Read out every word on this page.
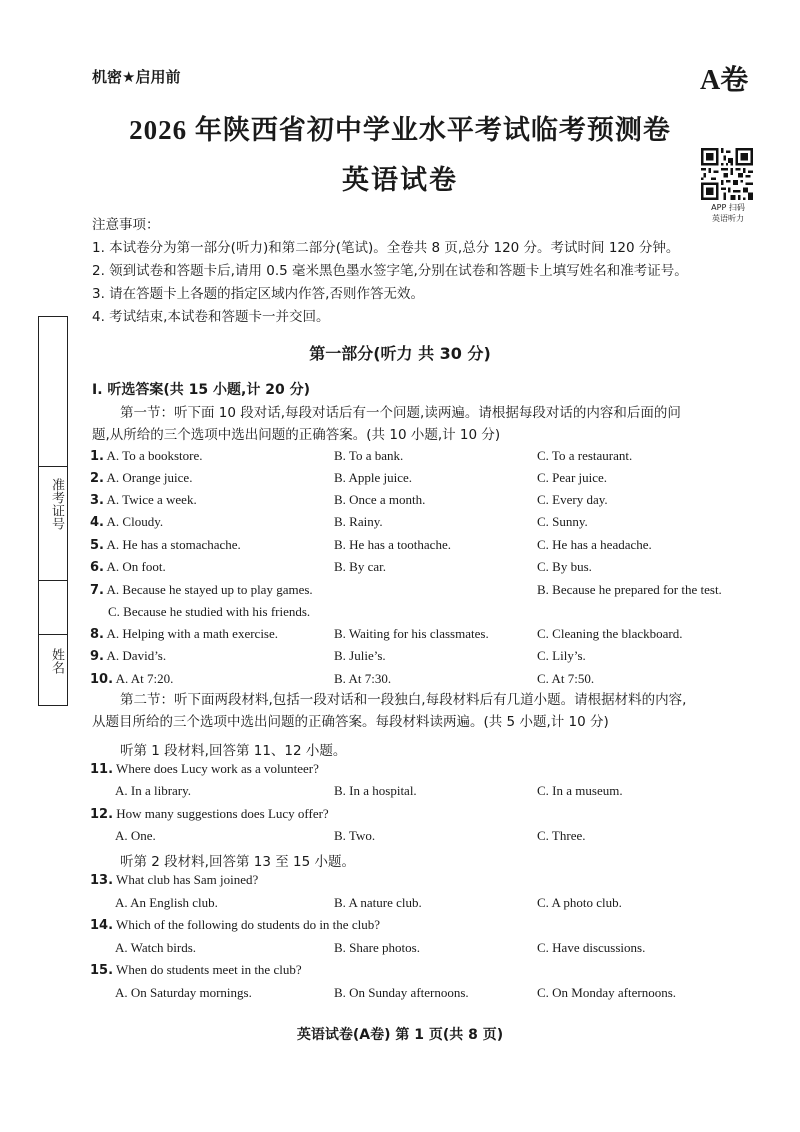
机密★启用前	A卷
2026 年陕西省初中学业水平考试临考预测卷
英语试卷
APP 扫码
英语听力
注意事项：
1. 本试卷分为第一部分(听力)和第二部分(笔试)。全卷共 8 页,总分 120 分。考试时间 120 分钟。
2. 领到试卷和答题卡后,请用 0.5 毫米黑色墨水签字笔,分别在试卷和答题卡上填写姓名和准考证号。
3. 请在答题卡上各题的指定区域内作答,否则作答无效。
4. 考试结束,本试卷和答题卡一并交回。
准考证号
姓名
第一部分(听力 共 30 分)
Ⅰ. 听选答案(共 15 小题,计 20 分)
第一节：听下面 10 段对话,每段对话后有一个问题,读两遍。请根据每段对话的内容和后面的问
题,从所给的三个选项中选出问题的正确答案。(共 10 小题,计 10 分)
1. A. To a bookstore.	B. To a bank.	C. To a restaurant.
2. A. Orange juice.	B. Apple juice.	C. Pear juice.
3. A. Twice a week.	B. Once a month.	C. Every day.
4. A. Cloudy.	B. Rainy.	C. Sunny.
5. A. He has a stomachache.	B. He has a toothache.	C. He has a headache.
6. A. On foot.	B. By car.	C. By bus.
7. A. Because he stayed up to play games.	B. Because he prepared for the test.
C. Because he studied with his friends.
8. A. Helping with a math exercise.	B. Waiting for his classmates.	C. Cleaning the blackboard.
9. A. David’s.	B. Julie’s.	C. Lily’s.
10. A. At 7:20.	B. At 7:30.	C. At 7:50.
第二节：听下面两段材料,包括一段对话和一段独白,每段材料后有几道小题。请根据材料的内容,
从题目所给的三个选项中选出问题的正确答案。每段材料读两遍。(共 5 小题,计 10 分)
听第 1 段材料,回答第 11、12 小题。
11. Where does Lucy work as a volunteer?
A. In a library.	B. In a hospital.	C. In a museum.
12. How many suggestions does Lucy offer?
A. One.	B. Two.	C. Three.
听第 2 段材料,回答第 13 至 15 小题。
13. What club has Sam joined?
A. An English club.	B. A nature club.	C. A photo club.
14. Which of the following do students do in the club?
A. Watch birds.	B. Share photos.	C. Have discussions.
15. When do students meet in the club?
A. On Saturday mornings.	B. On Sunday afternoons.	C. On Monday afternoons.
英语试卷(A卷) 第 1 页(共 8 页)
